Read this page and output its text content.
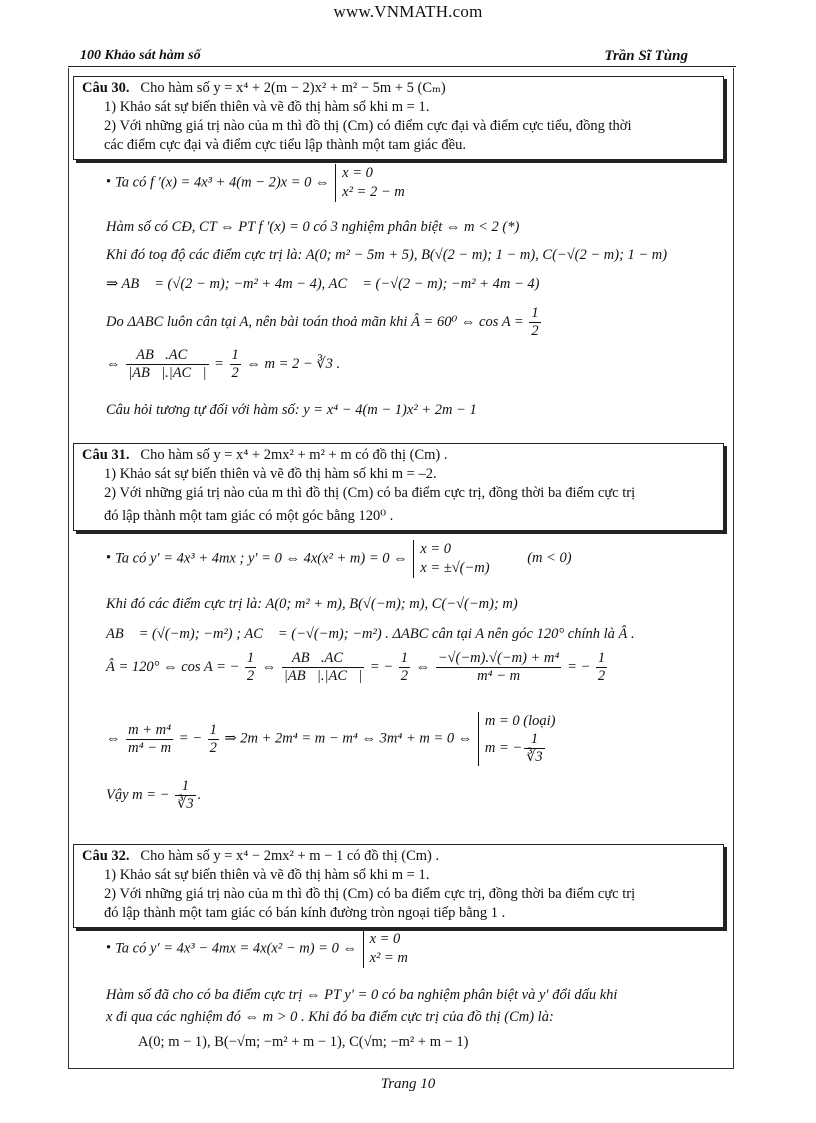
www.VNMATH.com
100 Khảo sát hàm số	Trần Sĩ Tùng
Câu 30. Cho hàm số y = x⁴ + 2(m − 2)x² + m² − 5m + 5 (Cₘ)
1) Khảo sát sự biến thiên và vẽ đồ thị hàm số khi m = 1.
2) Với những giá trị nào của m thì đồ thị (Cm) có điểm cực đại và điểm cực tiểu, đồng thời
các điểm cực đại và điểm cực tiểu lập thành một tam giác đều.
• Ta có f ′(x) = 4x³ + 4(m − 2)x = 0 ⇔
x = 0
x² = 2 − m
Hàm số có CĐ, CT ⇔ PT f ′(x) = 0 có 3 nghiệm phân biệt ⇔ m < 2 (*)
Khi đó toạ độ các điểm cực trị là: A(0; m² − 5m + 5), B(√(2 − m); 1 − m), C(−√(2 − m); 1 − m)
⇒ AB⃗ = (√(2 − m); −m² + 4m − 4), AC⃗ = (−√(2 − m); −m² + 4m − 4)
Do ΔABC luôn cân tại A, nên bài toán thoả mãn khi Â = 60⁰ ⇔ $\cos A = \frac{1}{2}$
⇔ $\frac{AB⃗.AC⃗}{|AB⃗|.|AC⃗|} = \frac{1}{2}$ ⇔ m = 2 − ∛3 .
Câu hỏi tương tự đối với hàm số: y = x⁴ − 4(m − 1)x² + 2m − 1
Câu 31. Cho hàm số y = x⁴ + 2mx² + m² + m có đồ thị (Cm) .
1) Khảo sát sự biến thiên và vẽ đồ thị hàm số khi m = –2.
2) Với những giá trị nào của m thì đồ thị (Cm) có ba điểm cực trị, đồng thời ba điểm cực trị
đó lập thành một tam giác có một góc bằng 120⁰ .
• Ta có y′ = 4x³ + 4mx ; y′ = 0 ⇔ 4x(x² + m) = 0 ⇔
x = 0
x = ±√(−m)
(m < 0)
Khi đó các điểm cực trị là: A(0; m² + m), B(√(−m); m), C(−√(−m); m)
AB⃗ = (√(−m); −m²) ; AC⃗ = (−√(−m); −m²) . ΔABC cân tại A nên góc 120° chính là Â .
Â = 120° ⇔ cos A = − $\frac{1}{2}$ ⇔ $\frac{AB⃗.AC⃗}{|AB⃗|.|AC⃗|}$ = − $\frac{1}{2}$ ⇔ $\frac{\text{−√(−m).√(−m) + m⁴}}{\text{m⁴ − m}}$ = − $\frac{1}{2}$
⇔ $\frac{\text{m + m⁴}}{\text{m⁴ − m}}$ = − $\frac{1}{2}$ ⇒ 2m + 2m⁴ = m − m⁴ ⇔ 3m⁴ + m = 0 ⇔
m = 0 (loại)
m = − $\frac{1}{∛3}$
Vậy m = − $\frac{1}{∛3}$ .
Câu 32. Cho hàm số y = x⁴ − 2mx² + m − 1 có đồ thị (Cm) .
1) Khảo sát sự biến thiên và vẽ đồ thị hàm số khi m = 1.
2) Với những giá trị nào của m thì đồ thị (Cm) có ba điểm cực trị, đồng thời ba điểm cực trị
đó lập thành một tam giác có bán kính đường tròn ngoại tiếp bằng 1 .
• Ta có y′ = 4x³ − 4mx = 4x(x² − m) = 0 ⇔
x = 0
x² = m
Hàm số đã cho có ba điểm cực trị ⇔ PT y′ = 0 có ba nghiệm phân biệt và y′ đổi dấu khi
x đi qua các nghiệm đó ⇔ m > 0 . Khi đó ba điểm cực trị của đồ thị (Cm) là:
A(0; m − 1), B(−√m; −m² + m − 1), C(√m; −m² + m − 1)
Trang 10
